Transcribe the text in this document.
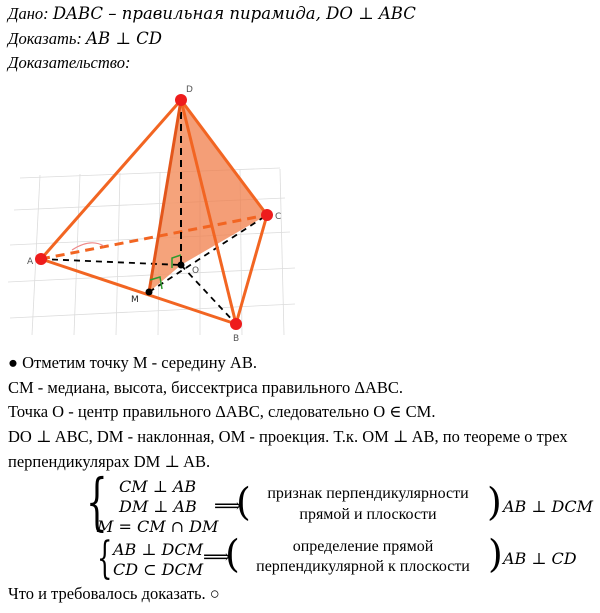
Дано: DABC – правильная пирамида, DO ⊥ ABC
Доказать: AB ⊥ CD
Доказательство:
D
A
B
C
M
O
● Отметим точку M - середину AB.
CM - медиана, высота, биссектриса правильного ΔABC.
Точка O - центр правильного ΔABC, следовательно O ∈ CM.
DO ⊥ ABC, DM - наклонная, OM - проекция. Т.к. OM ⊥ AB, по теореме о трех
перпендикулярах DM ⊥ AB.
{ CM ⊥ AB
DM ⊥ AB
M = CM ∩ DM
⟹
(	признак перпендикулярности
прямой и плоскости	) AB ⊥ DCM
{ AB ⊥ DCM
CD ⊂ DCM
⟹
(	определение прямой
перпендикулярной к плоскости ) AB ⊥ CD
Что и требовалось доказать. ○
